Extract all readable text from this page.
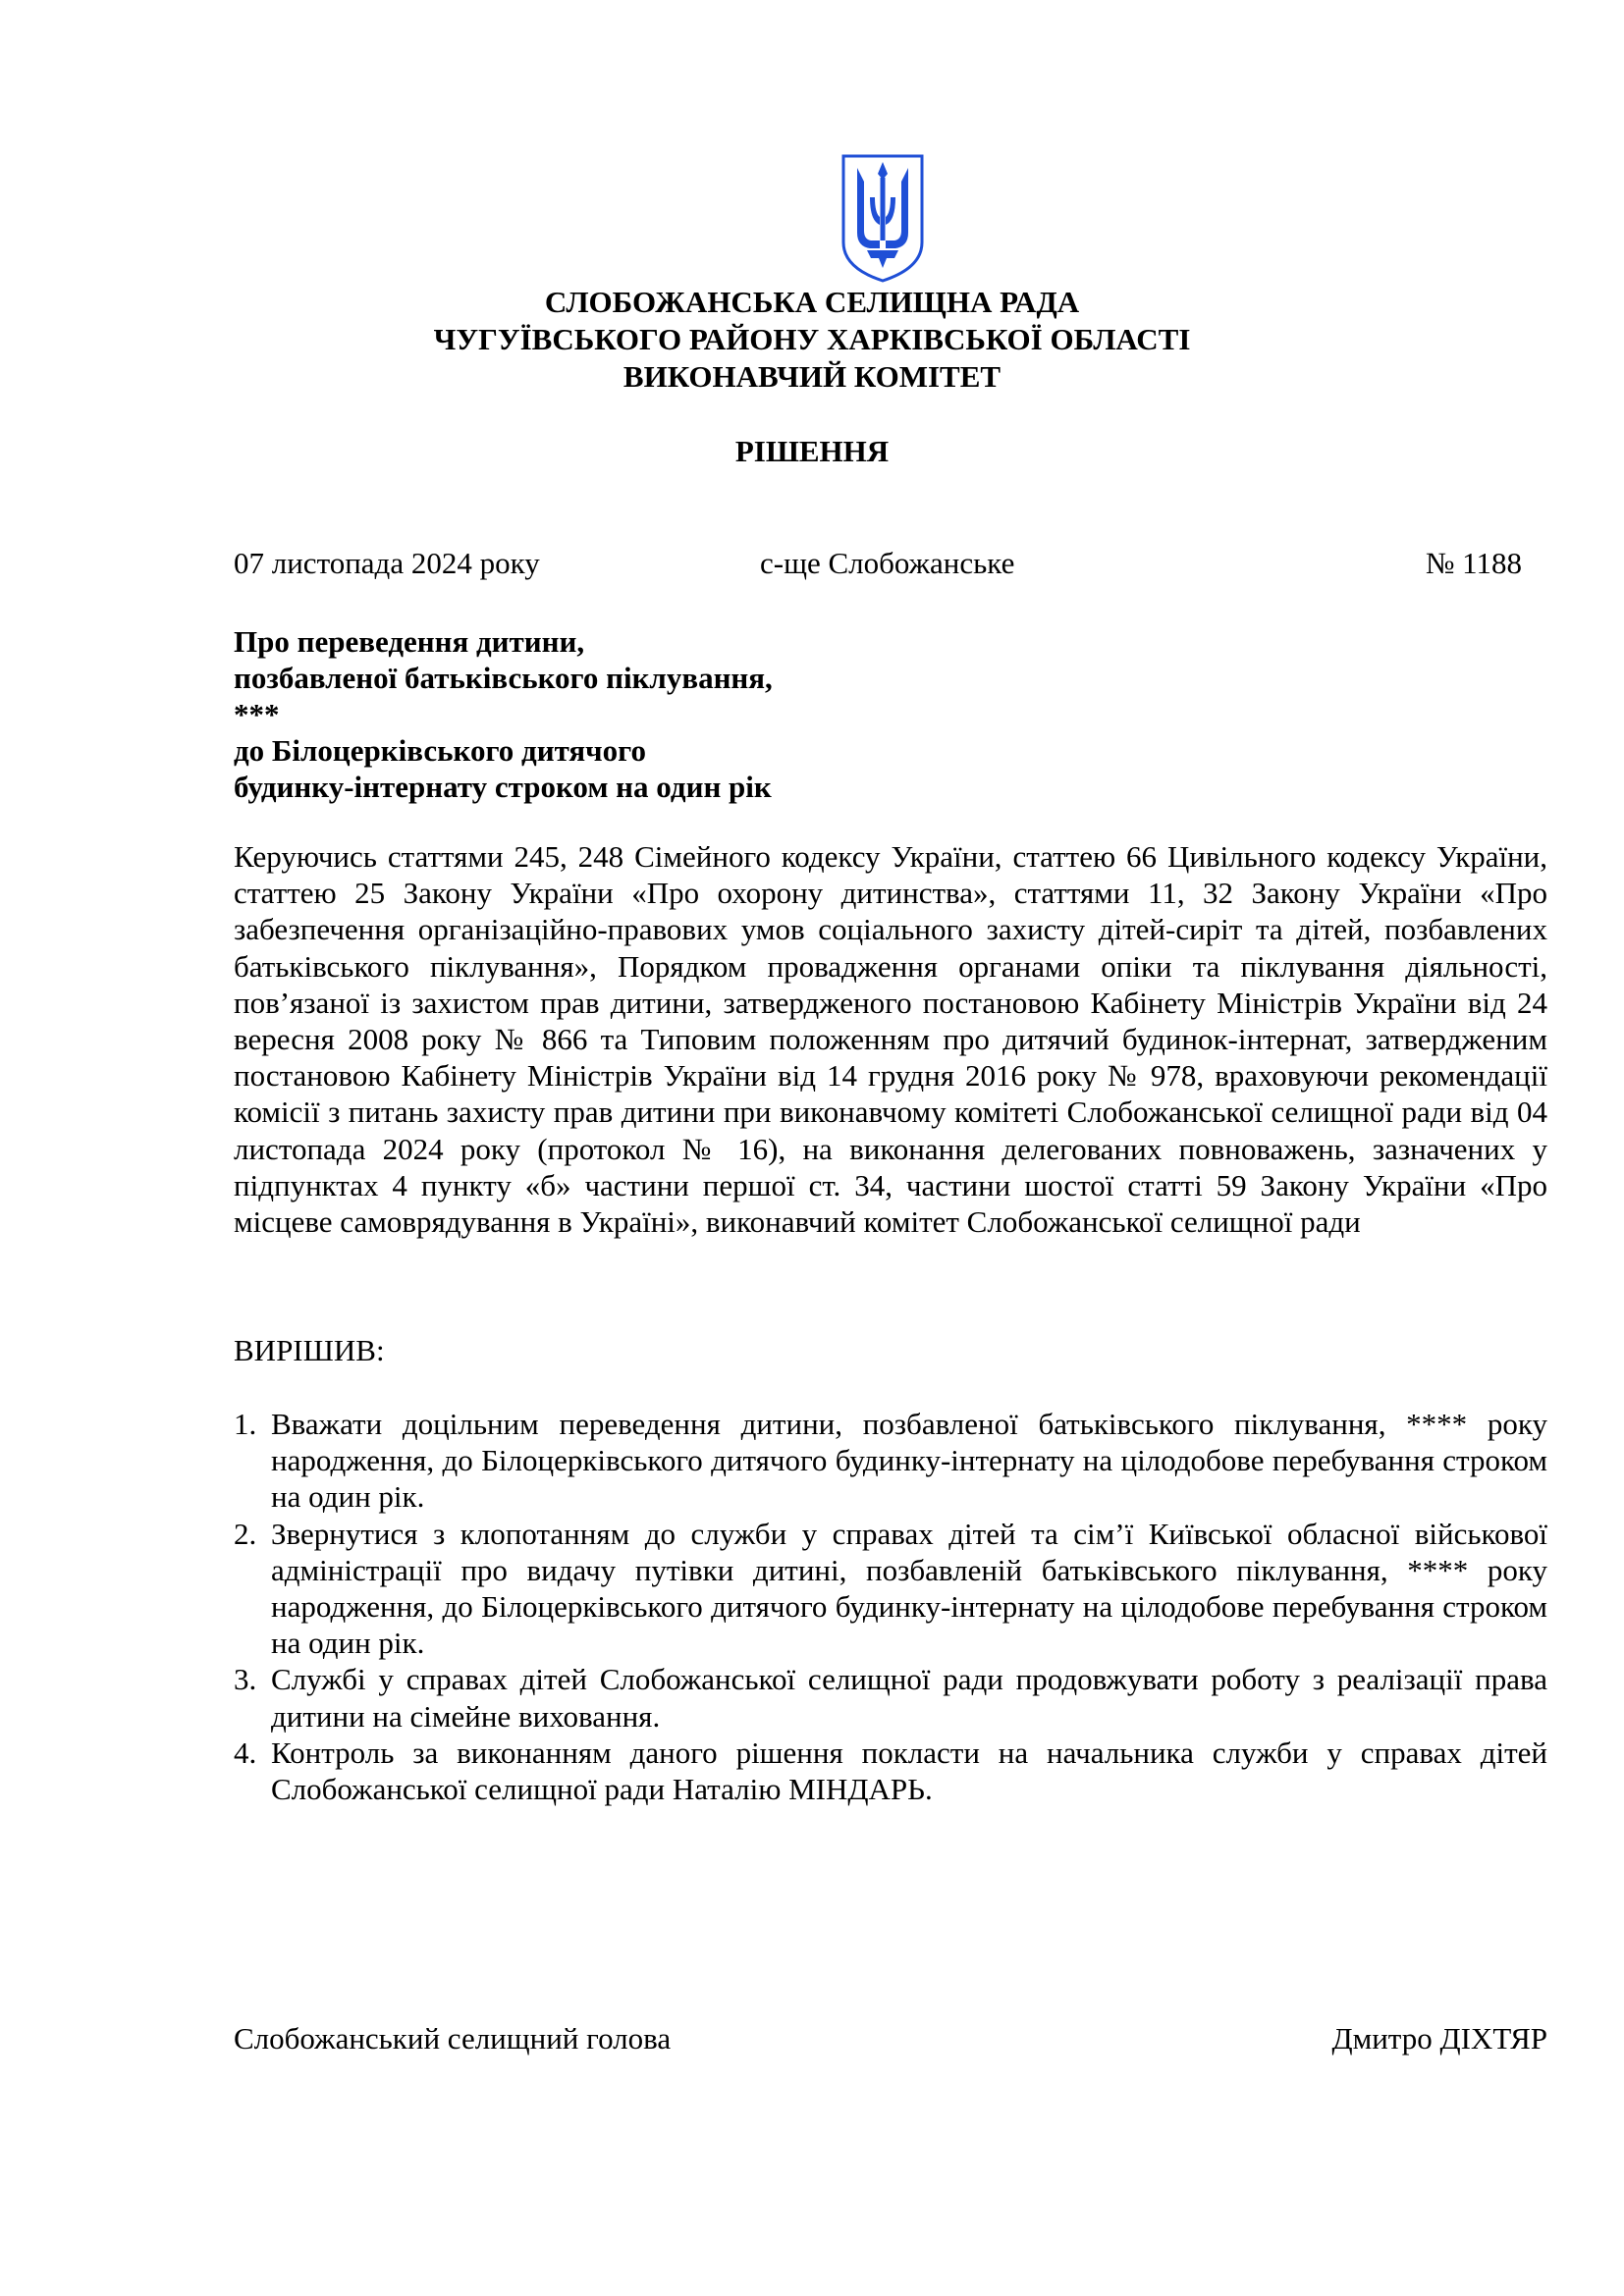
СЛОБОЖАНСЬКА СЕЛИЩНА РАДА
ЧУГУЇВСЬКОГО РАЙОНУ ХАРКІВСЬКОЇ ОБЛАСТІ
ВИКОНАВЧИЙ КОМІТЕТ
РІШЕННЯ
07 листопада 2024 року	с-ще Слобожанське	№ 1188
Про переведення дитини,
позбавленої батьківського піклування,
***
до Білоцерківського дитячого
будинку-інтернату строком на один рік
Керуючись статтями 245, 248 Сімейного кодексу України, статтею 66 Цивільного кодексу України, статтею 25 Закону України «Про охорону дитинства», статтями 11, 32 Закону України «Про забезпечення організаційно-правових умов соціального захисту дітей-сиріт та дітей, позбавлених батьківського піклування», Порядком провадження органами опіки та піклування діяльності, пов’язаної із захистом прав дитини, затвердженого постановою Кабінету Міністрів України від 24 вересня 2008 року № 866 та Типовим положенням про дитячий будинок-інтернат, затвердженим постановою Кабінету Міністрів України від 14 грудня 2016 року № 978, враховуючи рекомендації комісії з питань захисту прав дитини при виконавчому комітеті Слобожанської селищної ради від 04 листопада 2024 року (протокол № 16), на виконання делегованих повноважень, зазначених у підпунктах 4 пункту «б» частини першої ст. 34, частини шостої статті 59 Закону України «Про місцеве самоврядування в Україні», виконавчий комітет Слобожанської селищної ради
ВИРІШИВ:
1. Вважати доцільним переведення дитини, позбавленої батьківського піклування, **** року народження, до Білоцерківського дитячого будинку-інтернату на цілодобове перебування строком на один рік.
2. Звернутися з клопотанням до служби у справах дітей та сім’ї Київської обласної військової адміністрації про видачу путівки дитині, позбавленій батьківського піклування, **** року народження, до Білоцерківського дитячого будинку-інтернату на цілодобове перебування строком на один рік.
3. Службі у справах дітей Слобожанської селищної ради продовжувати роботу з реалізації права дитини на сімейне виховання.
4. Контроль за виконанням даного рішення покласти на начальника служби у справах дітей Слобожанської селищної ради Наталію МІНДАРЬ.
Слобожанський селищний голова	Дмитро ДІХТЯР
